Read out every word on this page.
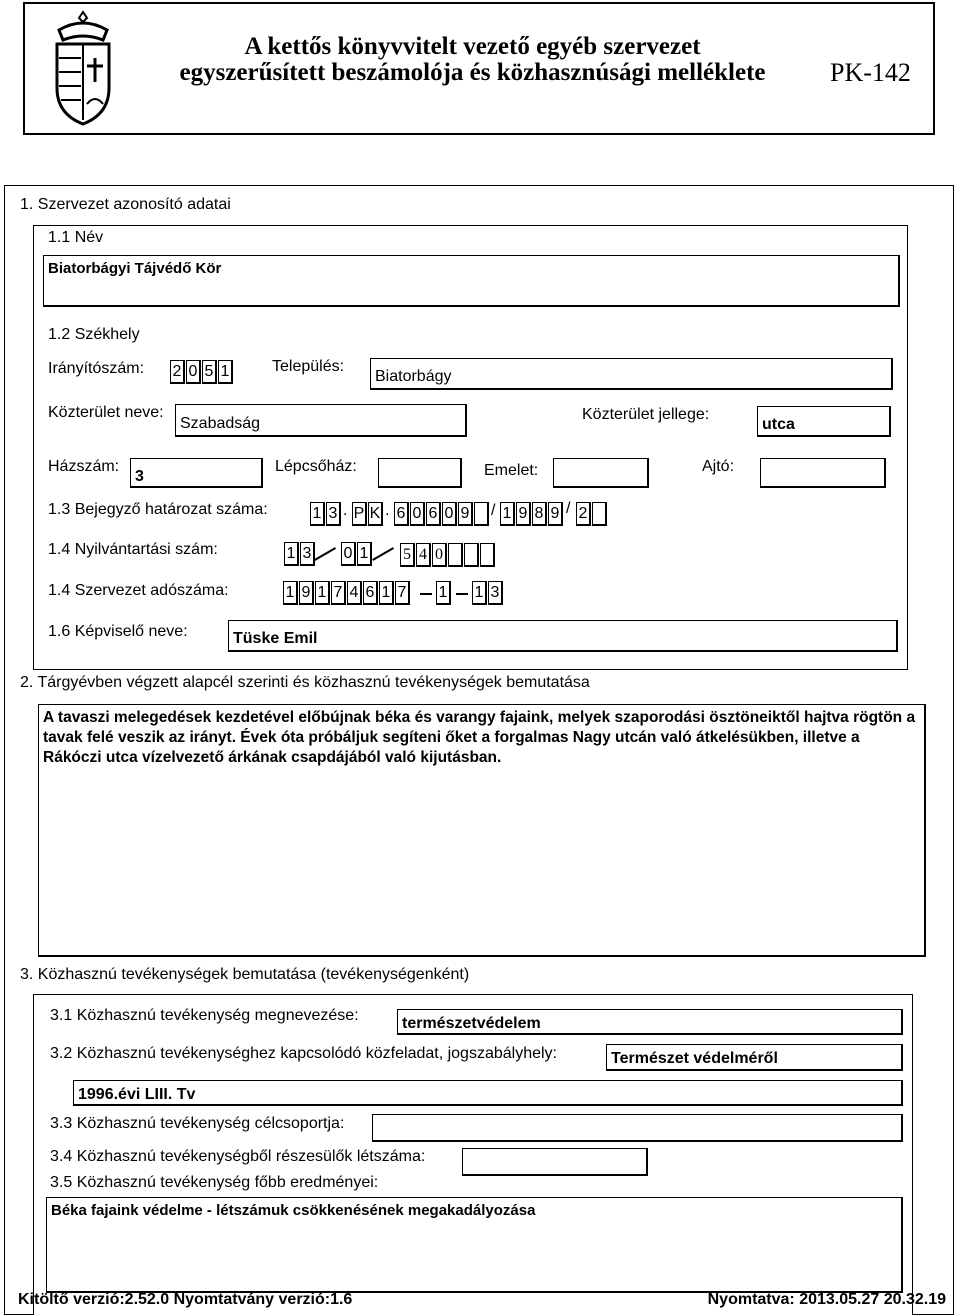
A kettős könyvvitelt vezető egyéb szervezet
egyszerűsített beszámolója és közhasznúsági melléklete	PK-142
1. Szervezet azonosító adatai
1.1 Név
Biatorbágyi Tájvédő Kör
1.2 Székhely
Irányítószám: 2 0 5 1	Település:
Biatorbágy
Közterület neve:
Szabadság
Közterület jellege:
utca
Házszám:
3
Lépcsőház:	Emelet:	Ajtó:
1.3 Bejegyző határozat száma:	1 3 . P K . 6 0 6 0 9 / 1 9 8 9 / 2
1.4 Nyilvántartási szám:	1 3 0 1 5 4 0
1.4 Szervezet adószáma:	1 9 1 7 4 6 1 7 1 1 3
1.6 Képviselő neve:	Tüske Emil
2. Tárgyévben végzett alapcél szerinti és közhasznú tevékenységek bemutatása
A tavaszi melegedések kezdetével előbújnak béka és varangy fajaink, melyek szaporodási ösztöneiktől hajtva rögtön a tavak felé veszik az irányt. Évek óta próbáljuk segíteni őket a forgalmas Nagy utcán való átkelésükben, illetve a Rákóczi utca vízelvezető árkának csapdájából való kijutásban.
3. Közhasznú tevékenységek bemutatása (tevékenységenként)
3.1 Közhasznú tevékenység megnevezése:	természetvédelem
3.2 Közhasznú tevékenységhez kapcsolódó közfeladat, jogszabályhely:	Természet védelméről
1996.évi LIII. Tv
3.3 Közhasznú tevékenység célcsoportja:
3.4 Közhasznú tevékenységből részesülők létszáma:
3.5 Közhasznú tevékenység főbb eredményei:
Béka fajaink védelme - létszámuk csökkenésének megakadályozása
Kitöltő verzió:2.52.0 Nyomtatvány verzió:1.6	Nyomtatva: 2013.05.27 20.32.19
